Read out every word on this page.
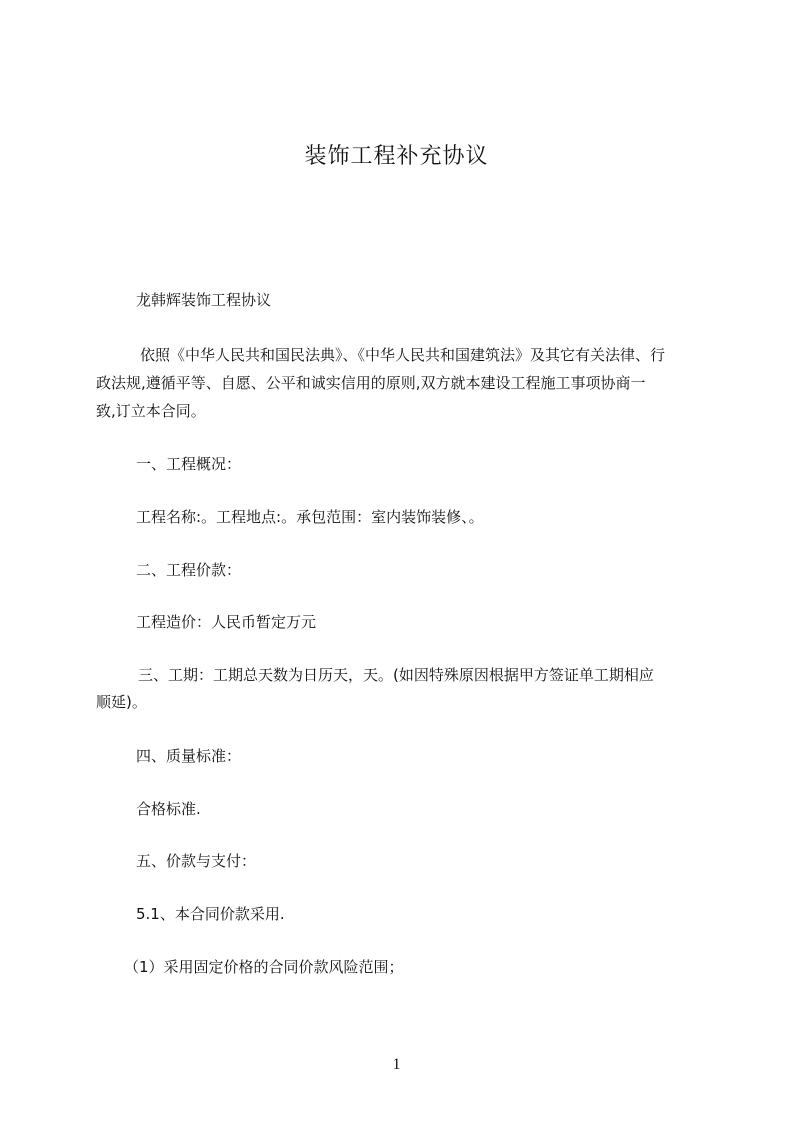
装饰工程补充协议
龙韩辉装饰工程协议
依照《中华人民共和国民法典》、《中华人民共和国建筑法》及其它有关法律、行
政法规,遵循平等、自愿、公平和诚实信用的原则,双方就本建设工程施工事项协商一
致,订立本合同。
一、工程概况：
工程名称:。工程地点:。承包范围：室内装饰装修、。
二、工程价款：
工程造价：人民币暂定万元
三、工期：工期总天数为日历天，天。(如因特殊原因根据甲方签证单工期相应
顺延)。
四、质量标准：
合格标准.
五、价款与支付：
5.1、本合同价款采用.
（1）采用固定价格的合同价款风险范围；
1
